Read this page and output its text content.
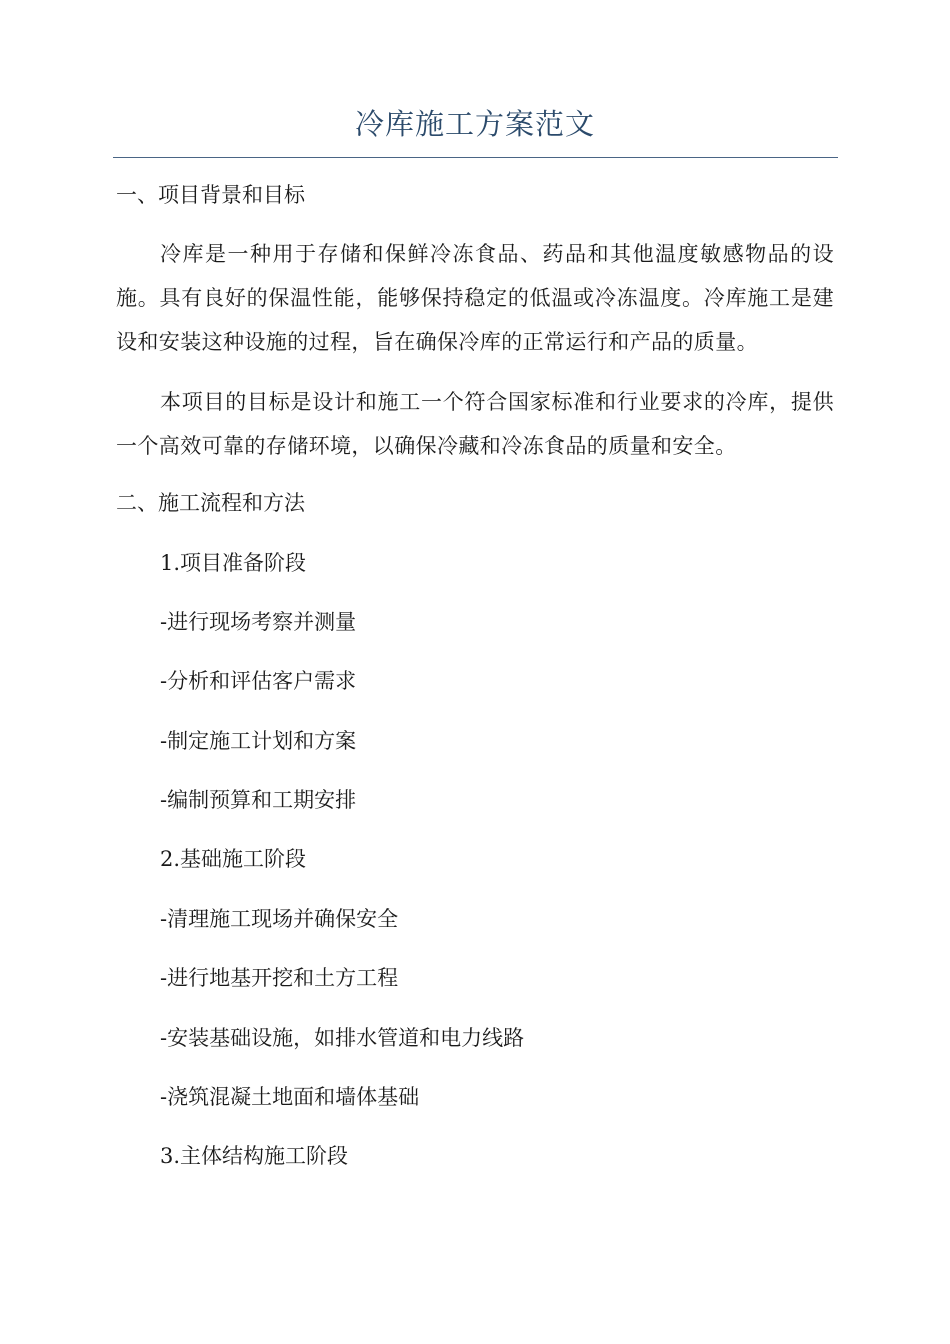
冷库施工方案范文
一、项目背景和目标

冷库是一种用于存储和保鲜冷冻食品、药品和其他温度敏感物品的设施。具有良好的保温性能，能够保持稳定的低温或冷冻温度。冷库施工是建设和安装这种设施的过程，旨在确保冷库的正常运行和产品的质量。

本项目的目标是设计和施工一个符合国家标准和行业要求的冷库，提供一个高效可靠的存储环境，以确保冷藏和冷冻食品的质量和安全。

二、施工流程和方法
1.项目准备阶段
-进行现场考察并测量
-分析和评估客户需求
-制定施工计划和方案
-编制预算和工期安排
2.基础施工阶段
-清理施工现场并确保安全
-进行地基开挖和土方工程
-安装基础设施，如排水管道和电力线路
-浇筑混凝土地面和墙体基础
3.主体结构施工阶段
